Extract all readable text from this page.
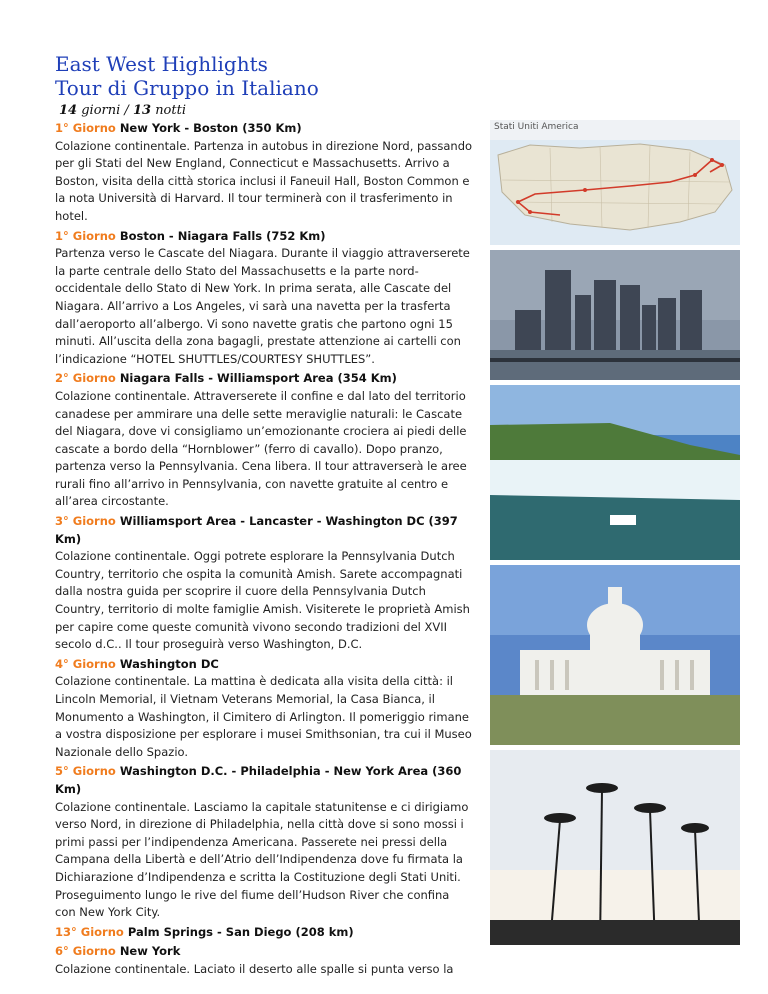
East West Highlights
Tour di Gruppo in Italiano
14 giorni / 13 notti
Stati Uniti America
1° Giorno New York - Boston (350 Km)
Colazione continentale. Partenza in autobus in direzione Nord, passando per gli Stati del New England, Connecticut e Massachusetts. Arrivo a Boston, visita della città storica inclusi il Faneuil Hall, Boston Common e la nota Università di Harvard. Il tour terminerà con il trasferimento in hotel.
1° Giorno Boston - Niagara Falls (752 Km)
Partenza verso le Cascate del Niagara. Durante il viaggio attraverserete la parte centrale dello Stato del Massachusetts e la parte nord-occidentale dello Stato di New York. In prima serata, alle Cascate del Niagara. All’arrivo a Los Angeles, vi sarà una navetta per la trasferta dall’aeroporto all’albergo. Vi sono navette gratis che partono ogni 15 minuti. All’uscita della zona bagagli, prestate attenzione ai cartelli con l’indicazione “HOTEL SHUTTLES/COURTESY SHUTTLES”.
2° Giorno Niagara Falls - Williamsport Area (354 Km)
Colazione continentale. Attraverserete il confine e dal lato del territorio canadese per ammirare una delle sette meraviglie naturali: le Cascate del Niagara, dove vi consigliamo un’emozionante crociera ai piedi delle cascate a bordo della “Hornblower” (ferro di cavallo). Dopo pranzo, partenza verso la Pennsylvania. Cena libera. Il tour attraverserà le aree rurali fino all’arrivo in Pennsylvania, con navette gratuite al centro e all’area circostante.
3° Giorno Williamsport Area - Lancaster - Washington DC (397 Km)
Colazione continentale. Oggi potrete esplorare la Pennsylvania Dutch Country, territorio che ospita la comunità Amish. Sarete accompagnati dalla nostra guida per scoprire il cuore della Pennsylvania Dutch Country, territorio di molte famiglie Amish. Visiterete le proprietà Amish per capire come queste comunità vivono secondo tradizioni del XVII secolo d.C.. Il tour proseguirà verso Washington, D.C.
4° Giorno Washington DC
Colazione continentale. La mattina è dedicata alla visita della città: il Lincoln Memorial, il Vietnam Veterans Memorial, la Casa Bianca, il Monumento a Washington, il Cimitero di Arlington. Il pomeriggio rimane a vostra disposizione per esplorare i musei Smithsonian, tra cui il Museo Nazionale dello Spazio.
5° Giorno Washington D.C. - Philadelphia - New York Area (360 Km)
Colazione continentale. Lasciamo la capitale statunitense e ci dirigiamo verso Nord, in direzione di Philadelphia, nella città dove si sono mossi i primi passi per l’indipendenza Americana. Passerete nei pressi della Campana della Libertà e dell’Atrio dell’Indipendenza dove fu firmata la Dichiarazione d’Indipendenza e scritta la Costituzione degli Stati Uniti. Proseguimento lungo le rive del fiume dell’Hudson River che confina con New York City.
13° Giorno Palm Springs - San Diego (208 km)
6° Giorno New York
Colazione continentale. Laciato il deserto alle spalle si punta verso la
